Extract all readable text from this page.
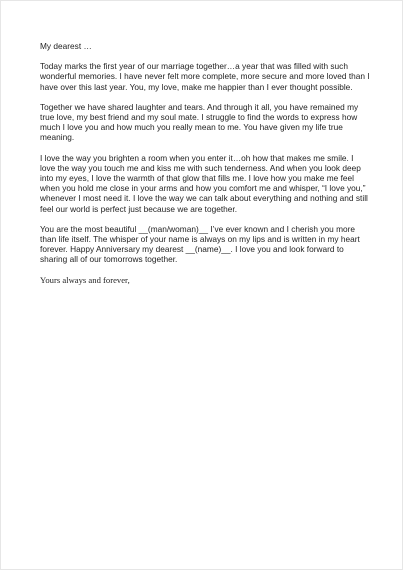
My dearest …

Today marks the first year of our marriage together…a year that was filled with such wonderful memories. I have never felt more complete, more secure and more loved than I have over this last year. You, my love, make me happier than I ever thought possible.

Together we have shared laughter and tears. And through it all, you have remained my true love, my best friend and my soul mate. I struggle to find the words to express how much I love you and how much you really mean to me. You have given my life true meaning.

I love the way you brighten a room when you enter it…oh how that makes me smile. I love the way you touch me and kiss me with such tenderness. And when you look deep into my eyes, I love the warmth of that glow that fills me. I love how you make me feel when you hold me close in your arms and how you comfort me and whisper, “I love you,” whenever I most need it. I love the way we can talk about everything and nothing and still feel our world is perfect just because we are together.

You are the most beautiful __(man/woman)__ I’ve ever known and I cherish you more than life itself. The whisper of your name is always on my lips and is written in my heart forever. Happy Anniversary my dearest __(name)__. I love you and look forward to sharing all of our tomorrows together.

Yours always and forever,
